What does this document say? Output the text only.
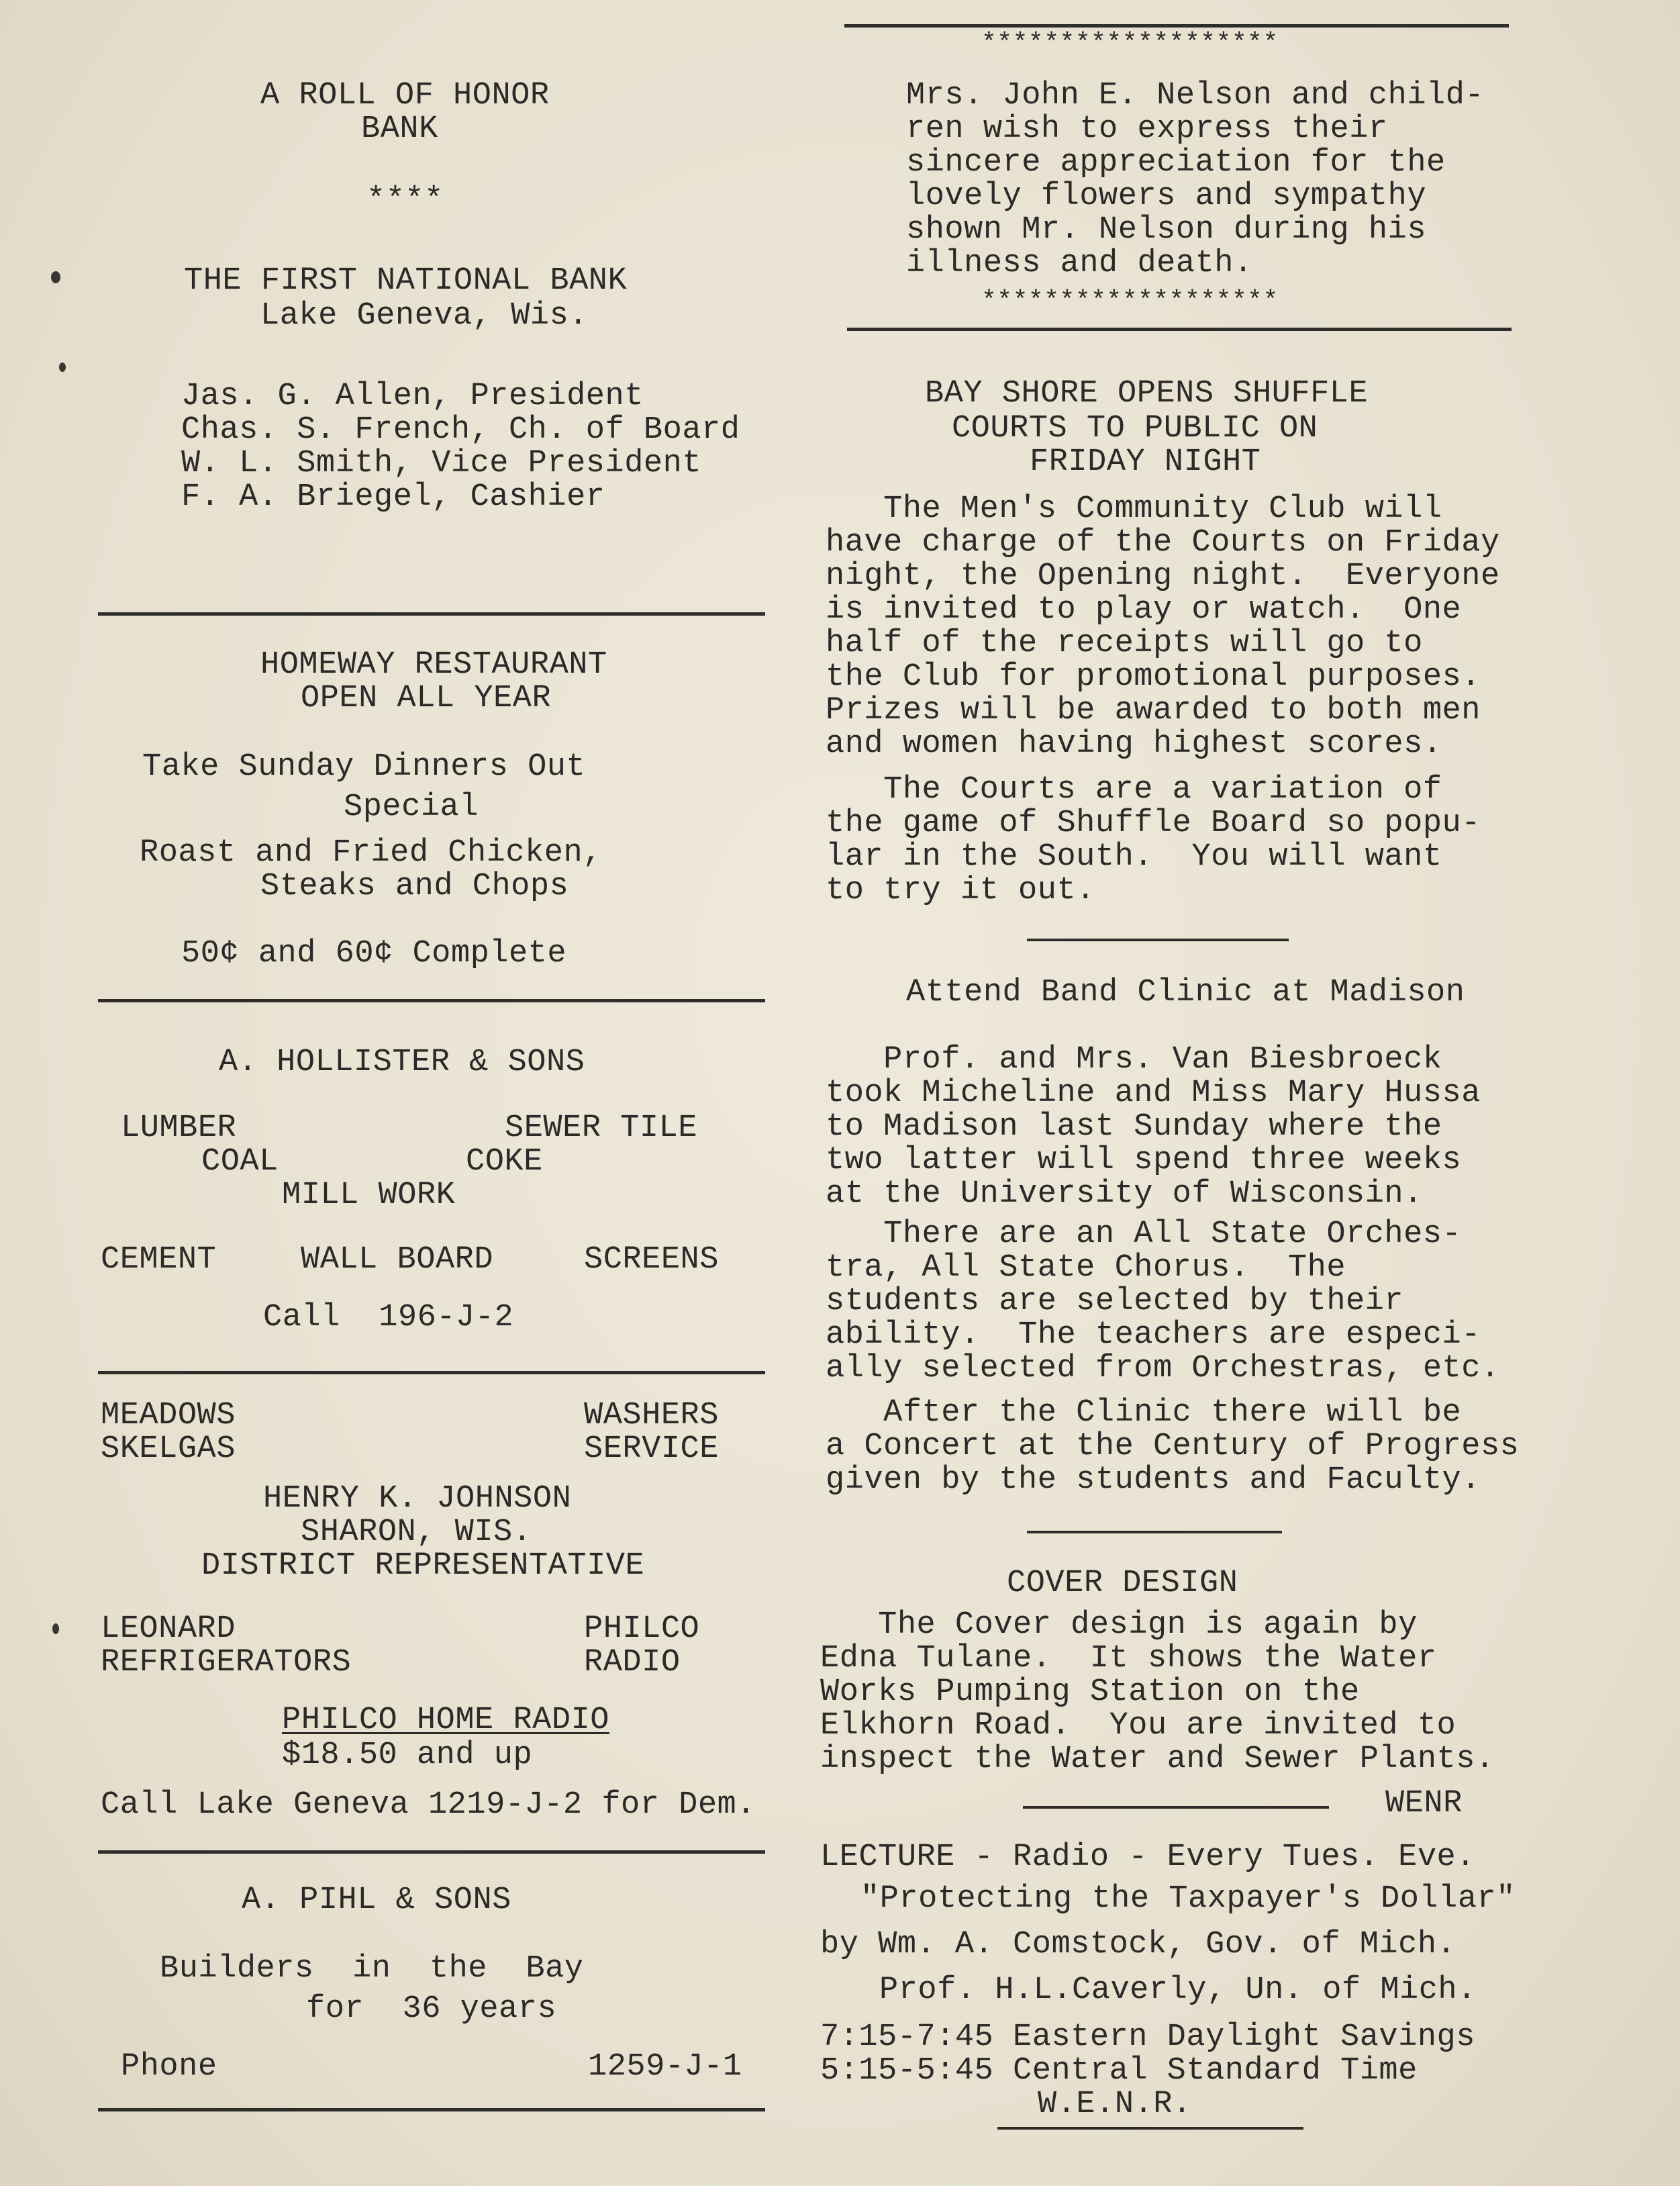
A ROLL OF HONOR
BANK
****
THE FIRST NATIONAL BANK
Lake Geneva, Wis.
Jas. G. Allen, President
Chas. S. French, Ch. of Board
W. L. Smith, Vice President
F. A. Briegel, Cashier
HOMEWAY RESTAURANT
OPEN ALL YEAR
Take Sunday Dinners Out
Special
Roast and Fried Chicken,
Steaks and Chops
50¢ and 60¢ Complete
A. HOLLISTER & SONS
LUMBER	SEWER TILE
COAL	COKE
MILL WORK
CEMENT	WALL BOARD	SCREENS
Call  196-J-2
MEADOWS	WASHERS
SKELGAS	SERVICE
HENRY K. JOHNSON
SHARON, WIS.
DISTRICT REPRESENTATIVE
LEONARD	PHILCO
REFRIGERATORS	RADIO
PHILCO HOME RADIO
$18.50 and up
Call Lake Geneva 1219-J-2 for Dem.
A. PIHL & SONS
Builders  in  the  Bay
for  36 years
Phone	1259-J-1
*******************
Mrs. John E. Nelson and child-
ren wish to express their
sincere appreciation for the
lovely flowers and sympathy
shown Mr. Nelson during his
illness and death.
*******************
BAY SHORE OPENS SHUFFLE
COURTS TO PUBLIC ON
FRIDAY NIGHT
The Men's Community Club will
have charge of the Courts on Friday
night, the Opening night.  Everyone
is invited to play or watch.  One
half of the receipts will go to
the Club for promotional purposes.
Prizes will be awarded to both men
and women having highest scores.
The Courts are a variation of
the game of Shuffle Board so popu-
lar in the South.  You will want
to try it out.
Attend Band Clinic at Madison
Prof. and Mrs. Van Biesbroeck
took Micheline and Miss Mary Hussa
to Madison last Sunday where the
two latter will spend three weeks
at the University of Wisconsin.
There are an All State Orches-
tra, All State Chorus.  The
students are selected by their
ability.  The teachers are especi-
ally selected from Orchestras, etc.
After the Clinic there will be
a Concert at the Century of Progress
given by the students and Faculty.
COVER DESIGN
The Cover design is again by
Edna Tulane.  It shows the Water
Works Pumping Station on the
Elkhorn Road.  You are invited to
inspect the Water and Sewer Plants.
WENR
LECTURE - Radio - Every Tues. Eve.
"Protecting the Taxpayer's Dollar"
by Wm. A. Comstock, Gov. of Mich.
Prof. H.L.Caverly, Un. of Mich.
7:15-7:45 Eastern Daylight Savings
5:15-5:45 Central Standard Time
W.E.N.R.
